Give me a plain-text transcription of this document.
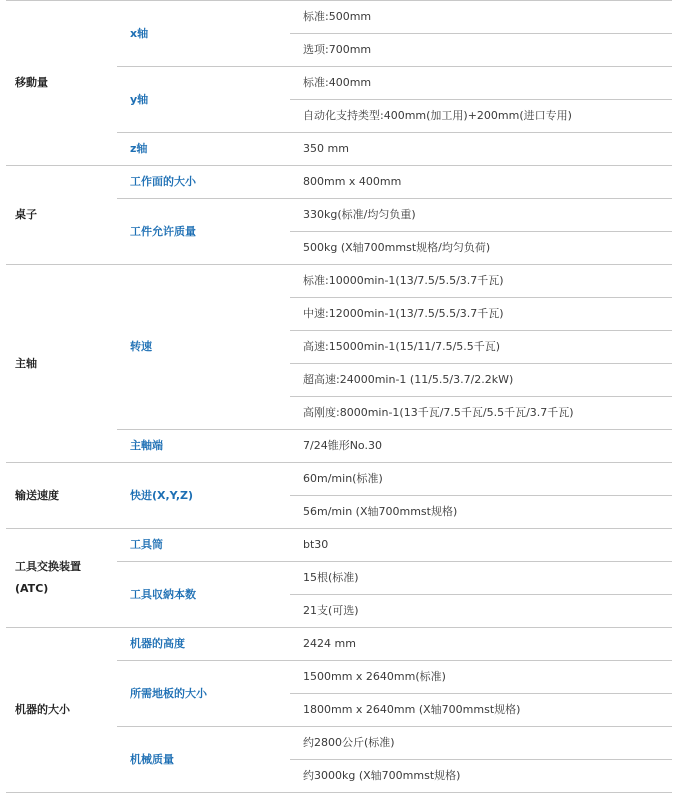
移動量	x轴	标准:500mm
		选项:700mm
	y轴	标准:400mm
		自动化支持类型:400mm(加工用)+200mm(进口专用)
	z轴	350 mm
桌子	工作面的大小	800mm x 400mm
	工件允许质量	330kg(标准/均匀负重)
		500kg (X轴700mmst规格/均匀负荷)
主轴	转速	标准:10000min-1(13/7.5/5.5/3.7千瓦)
		中速:12000min-1(13/7.5/5.5/3.7千瓦)
		高速:15000min-1(15/11/7.5/5.5千瓦)
		超高速:24000min-1 (11/5.5/3.7/2.2kW)
		高刚度:8000min-1(13千瓦/7.5千瓦/5.5千瓦/3.7千瓦)
	主軸端	7/24锥形No.30
输送速度	快进(X,Y,Z)	60m/min(标准)
		56m/min (X轴700mmst规格)

工具交换装置
(ATC)	工具筒	bt30
	工具収納本数	15根(标准)
		21支(可选)
机器的大小	机器的高度	2424 mm
	所需地板的大小	1500mm x 2640mm(标准)
		1800mm x 2640mm (X轴700mmst规格)
	机械质量	约2800公斤(标准)
		约3000kg (X轴700mmst规格)
